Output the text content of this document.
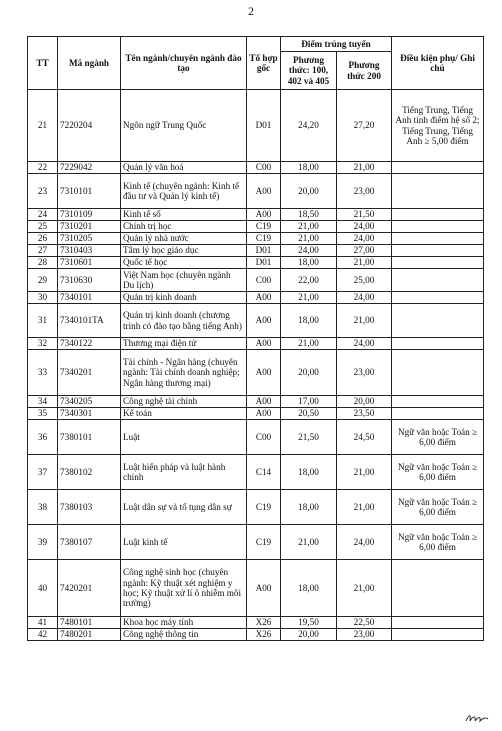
2
TT	Mã ngành	Tên ngành/chuyên ngành đào tạo	Tổ hợp gốc	Điểm trúng tuyển		Điều kiện phụ/ Ghi chú
				Phương thức: 100, 402 và 405	Phương thức 200	
21	7220204	Ngôn ngữ Trung Quốc	D01	24,20	27,20	Tiếng Trung, Tiếng Anh tính điểm hệ số 2; Tiếng Trung, Tiếng Anh ≥ 5,00 điểm
22	7229042	Quản lý văn hoá	C00	18,00	21,00	
23	7310101	Kinh tế (chuyên ngành: Kinh tế đầu tư và Quản lý kinh tế)	A00	20,00	23,00	
24	7310109	Kinh tế số	A00	18,50	21,50	
25	7310201	Chính trị học	C19	21,00	24,00	
26	7310205	Quản lý nhà nước	C19	21,00	24,00	
27	7310403	Tâm lý học giáo dục	D01	24,00	27,00	
28	7310601	Quốc tế học	D01	18,00	21,00	
29	7310630	Việt Nam học (chuyên ngành Du lịch)	C00	22,00	25,00	
30	7340101	Quản trị kinh doanh	A00	21,00	24,00	
31	7340101TA	Quản trị kinh doanh (chương trình có đào tạo bằng tiếng Anh)	A00	18,00	21,00	
32	7340122	Thương mại điện tử	A00	21,00	24,00	
33	7340201	Tài chính - Ngân hàng (chuyên ngành: Tài chính doanh nghiệp; Ngân hàng thương mại)	A00	20,00	23,00	
34	7340205	Công nghệ tài chính	A00	17,00	20,00	
35	7340301	Kế toán	A00	20,50	23,50	
36	7380101	Luật	C00	21,50	24,50	Ngữ văn hoặc Toán ≥ 6,00 điểm
37	7380102	Luật hiến pháp và luật hành chính	C14	18,00	21,00	Ngữ văn hoặc Toán ≥ 6,00 điểm
38	7380103	Luật dân sự và tố tụng dân sự	C19	18,00	21,00	Ngữ văn hoặc Toán ≥ 6,00 điểm
39	7380107	Luật kinh tế	C19	21,00	24,00	Ngữ văn hoặc Toán ≥ 6,00 điểm
40	7420201	Công nghệ sinh học (chuyên ngành: Kỹ thuật xét nghiệm y học; Kỹ thuật xử lí ô nhiễm môi trường)	A00	18,00	21,00	
41	7480101	Khoa học máy tính	X26	19,50	22,50	
42	7480201	Công nghệ thông tin	X26	20,00	23,00	
